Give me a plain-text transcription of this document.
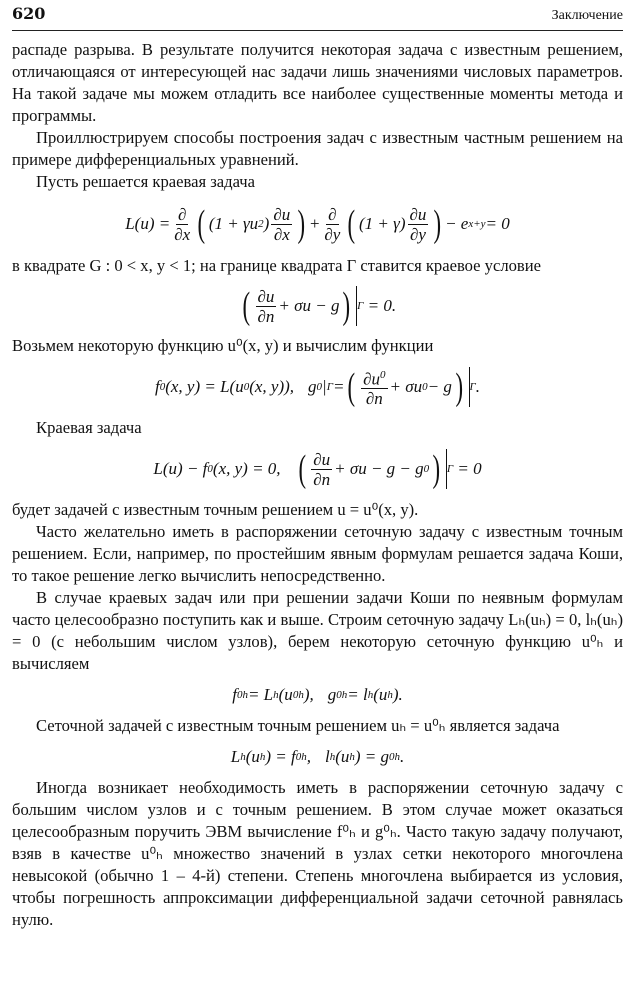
620	Заключение

распаде разрыва. В результате получится некоторая задача с известным решением, отличающаяся от интересующей нас задачи лишь значениями числовых параметров. На такой задаче мы можем отладить все наиболее существенные моменты метода и программы.

Проиллюстрируем способы построения задач с известным частным решением на примере дифференциальных уравнений.

Пусть решается краевая задача

$L(u) = \frac{\partial}{\partial x}$ ( (1 + γu 2 ) $\frac{\partial u}{\partial x}$ ) + $\frac{\partial}{\partial y}$ ( $(1 + \gamma) \frac{\partial u}{\partial y}$ ) − e x+y = 0

в квадрате G : 0 < x, y < 1; на границе квадрата Γ ставится краевое условие

( $\frac{\partial u}{\partial n} + \sigma u - g$ ) Γ = 0.

Возьмем некоторую функцию u⁰(x, y) и вычислим функции

f 0 (x, y) = L(u 0 (x, y)), g 0 | Γ = ( $\frac{\partial u^0}{\partial n} + \sigma u$ 0 − g ) Γ .

Краевая задача

L(u) − f 0 (x, y) = 0, ( $\frac{\partial u}{\partial n} + \sigma u - g - g$ 0 ) Γ = 0

будет задачей с известным точным решением u = u⁰(x, y).

Часто желательно иметь в распоряжении сеточную задачу с известным точным решением. Если, например, по простейшим явным формулам решается задача Коши, то такое решение легко вычислить непосредственно.

В случае краевых задач или при решении задачи Коши по неявным формулам часто целесообразно поступить как и выше. Строим сеточную задачу Lₕ(uₕ) = 0, lₕ(uₕ) = 0 (с небольшим числом узлов), берем некоторую сеточную функцию u⁰ₕ и вычисляем

f 0 h = L h (u 0 h ), g 0 h = l h (u h ).

Сеточной задачей с известным точным решением uₕ = u⁰ₕ является задача

L h (u h ) = f 0 h , l h (u h ) = g 0 h .

Иногда возникает необходимость иметь в распоряжении сеточную задачу с большим числом узлов и с точным решением. В этом случае может оказаться целесообразным поручить ЭВМ вычисление f⁰ₕ и g⁰ₕ. Часто такую задачу получают, взяв в качестве u⁰ₕ множество значений в узлах сетки некоторого многочлена невысокой (обычно 1 – 4-й) степени. Степень многочлена выбирается из условия, чтобы погрешность аппроксимации дифференциальной задачи сеточной равнялась нулю.
